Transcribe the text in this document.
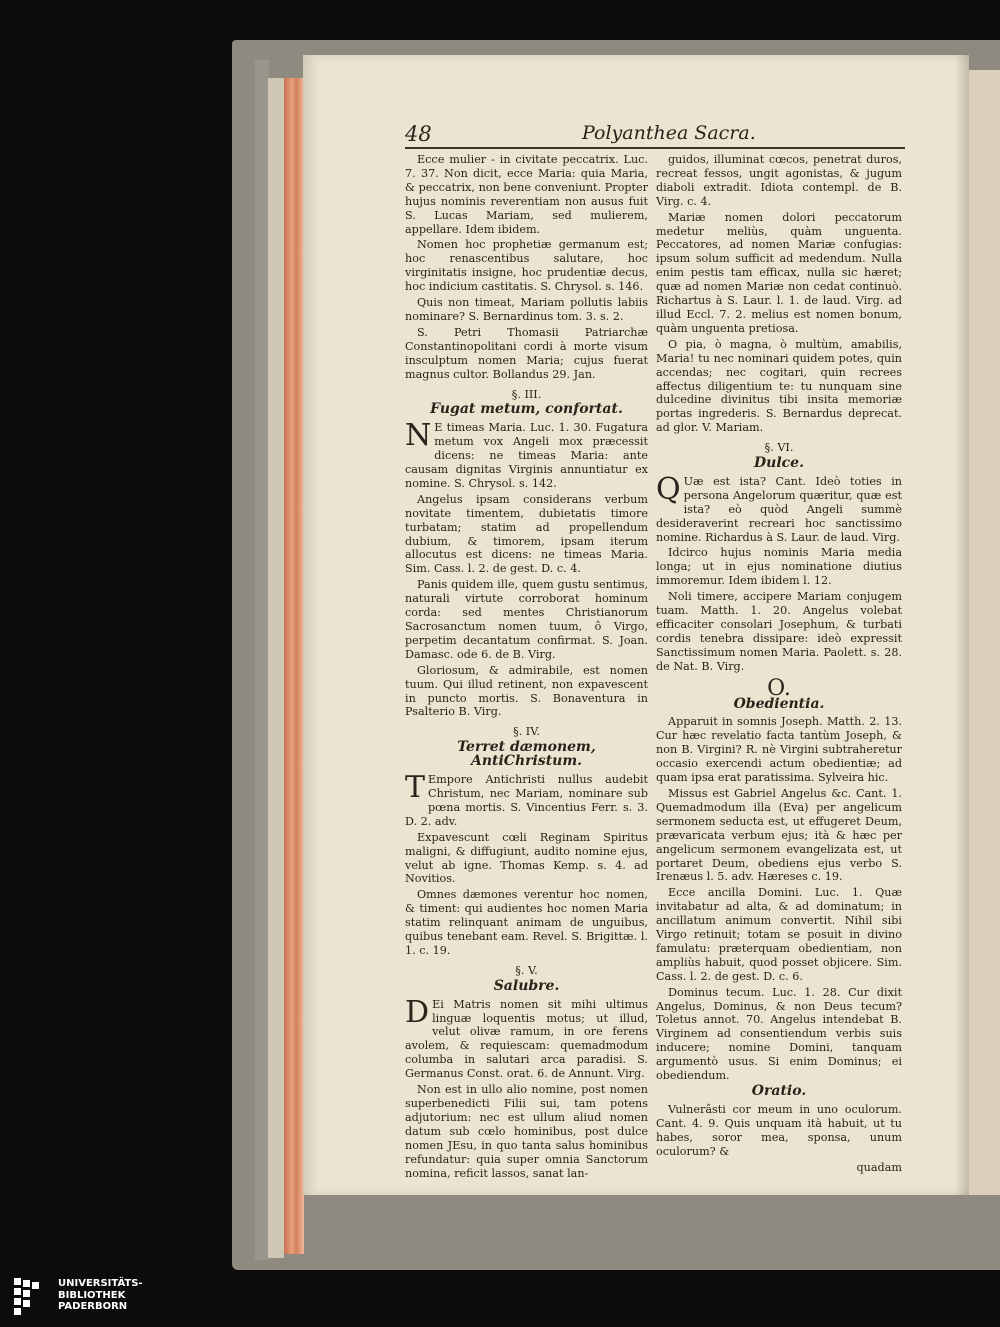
48	Polyanthea Sacra.

Ecce mulier - in civitate peccatrix. Luc. 7. 37. Non dicit, ecce Maria: quia Maria, & peccatrix, non bene conveniunt. Propter hujus nominis reverentiam non ausus fuit S. Lucas Mariam, sed mulierem, appellare. Idem ibidem.

Nomen hoc prophetiæ germanum est; hoc renascentibus salutare, hoc virginitatis insigne, hoc prudentiæ decus, hoc indicium castitatis. S. Chrysol. s. 146.

Quis non timeat, Mariam pollutis labiis nominare? S. Bernardinus tom. 3. s. 2.

S. Petri Thomasii Patriarchæ Constantinopolitani cordi à morte visum insculptum nomen Maria; cujus fuerat magnus cultor. Bollandus 29. Jan.

§. III.

Fugat metum, confortat.

N E timeas Maria. Luc. 1. 30. Fugatura metum vox Angeli mox præcessit dicens: ne timeas Maria: ante causam dignitas Virginis annuntiatur ex nomine. S. Chrysol. s. 142.

Angelus ipsam considerans verbum novitate timentem, dubietatis timore turbatam; statim ad propellendum dubium, & timorem, ipsam iterum allocutus est dicens: ne timeas Maria. Sim. Cass. l. 2. de gest. D. c. 4.

Panis quidem ille, quem gustu sentimus, naturali virtute corroborat hominum corda: sed mentes Christianorum Sacrosanctum nomen tuum, ô Virgo, perpetim decantatum confirmat. S. Joan. Damasc. ode 6. de B. Virg.

Gloriosum, & admirabile, est nomen tuum. Qui illud retinent, non expavescent in puncto mortis. S. Bonaventura in Psalterio B. Virg.

§. IV.

Terret dæmonem, AntiChristum.

T Empore Antichristi nullus audebit Christum, nec Mariam, nominare sub pœna mortis. S. Vincentius Ferr. s. 3. D. 2. adv.

Expavescunt cœli Reginam Spiritus maligni, & diffugiunt, audito nomine ejus, velut ab igne. Thomas Kemp. s. 4. ad Novitios.

Omnes dæmones verentur hoc nomen, & timent: qui audientes hoc nomen Maria statim relinquant animam de unguibus, quibus tenebant eam. Revel. S. Brigittæ. l. 1. c. 19.

§. V.

Salubre.

D Ei Matris nomen sit mihi ultimus linguæ loquentis motus; ut illud, velut olivæ ramum, in ore ferens avolem, & requiescam: quemadmodum columba in salutari arca paradisi. S. Germanus Const. orat. 6. de Annunt. Virg.

Non est in ullo alio nomine, post nomen superbenedicti Filii sui, tam potens adjutorium: nec est ullum aliud nomen datum sub cœlo hominibus, post dulce nomen JEsu, in quo tanta salus hominibus refundatur: quia super omnia Sanctorum nomina, reficit lassos, sanat lan-

guidos, illuminat cœcos, penetrat duros, recreat fessos, ungit agonistas, & jugum diaboli extradit. Idiota contempl. de B. Virg. c. 4.

Mariæ nomen dolori peccatorum medetur meliùs, quàm unguenta. Peccatores, ad nomen Mariæ confugias: ipsum solum sufficit ad medendum. Nulla enim pestis tam efficax, nulla sic hæret; quæ ad nomen Mariæ non cedat continuò. Richartus à S. Laur. l. 1. de laud. Virg. ad illud Eccl. 7. 2. melius est nomen bonum, quàm unguenta pretiosa.

O pia, ò magna, ò multùm, amabilis, Maria! tu nec nominari quidem potes, quin accendas; nec cogitari, quin recrees affectus diligentium te: tu nunquam sine dulcedine divinitus tibi insita memoriæ portas ingrederis. S. Bernardus deprecat. ad glor. V. Mariam.

§. VI.

Dulce.

Q Uæ est ista? Cant. Ideò toties in persona Angelorum quæritur, quæ est ista? eò quòd Angeli summè desideraverint recreari hoc sanctissimo nomine. Richardus à S. Laur. de laud. Virg.

Idcirco hujus nominis Maria media longa; ut in ejus nominatione diutius immoremur. Idem ibidem l. 12.

Noli timere, accipere Mariam conjugem tuam. Matth. 1. 20. Angelus volebat efficaciter consolari Josephum, & turbati cordis tenebra dissipare: ideò expressit Sanctissimum nomen Maria. Paolett. s. 28. de Nat. B. Virg.

O.

Obedientia.

Apparuit in somnis Joseph. Matth. 2. 13. Cur hæc revelatio facta tantùm Joseph, & non B. Virgini? R. nè Virgini subtraheretur occasio exercendi actum obedientiæ; ad quam ipsa erat paratissima. Sylveira hic.

Missus est Gabriel Angelus &c. Cant. 1. Quemadmodum illa (Eva) per angelicum sermonem seducta est, ut effugeret Deum, prævaricata verbum ejus; ità & hæc per angelicum sermonem evangelizata est, ut portaret Deum, obediens ejus verbo S. Irenæus l. 5. adv. Hæreses c. 19.

Ecce ancilla Domini. Luc. 1. Quæ invitabatur ad alta, & ad dominatum; in ancillatum animum convertit. Nihil sibi Virgo retinuit; totam se posuit in divino famulatu: præterquam obedientiam, non ampliùs habuit, quod posset objicere. Sim. Cass. l. 2. de gest. D. c. 6.

Dominus tecum. Luc. 1. 28. Cur dixit Angelus, Dominus, & non Deus tecum? Toletus annot. 70. Angelus intendebat B. Virginem ad consentiendum verbis suis inducere; nomine Domini, tanquam argumentò usus. Si enim Dominus; ei obediendum.

Oratio.

Vulnerâsti cor meum in uno oculorum. Cant. 4. 9. Quis unquam ità habuit, ut tu habes, soror mea, sponsa, unum oculorum? &

quadam

UNIVERSITÄTS-
BIBLIOTHEK
PADERBORN
